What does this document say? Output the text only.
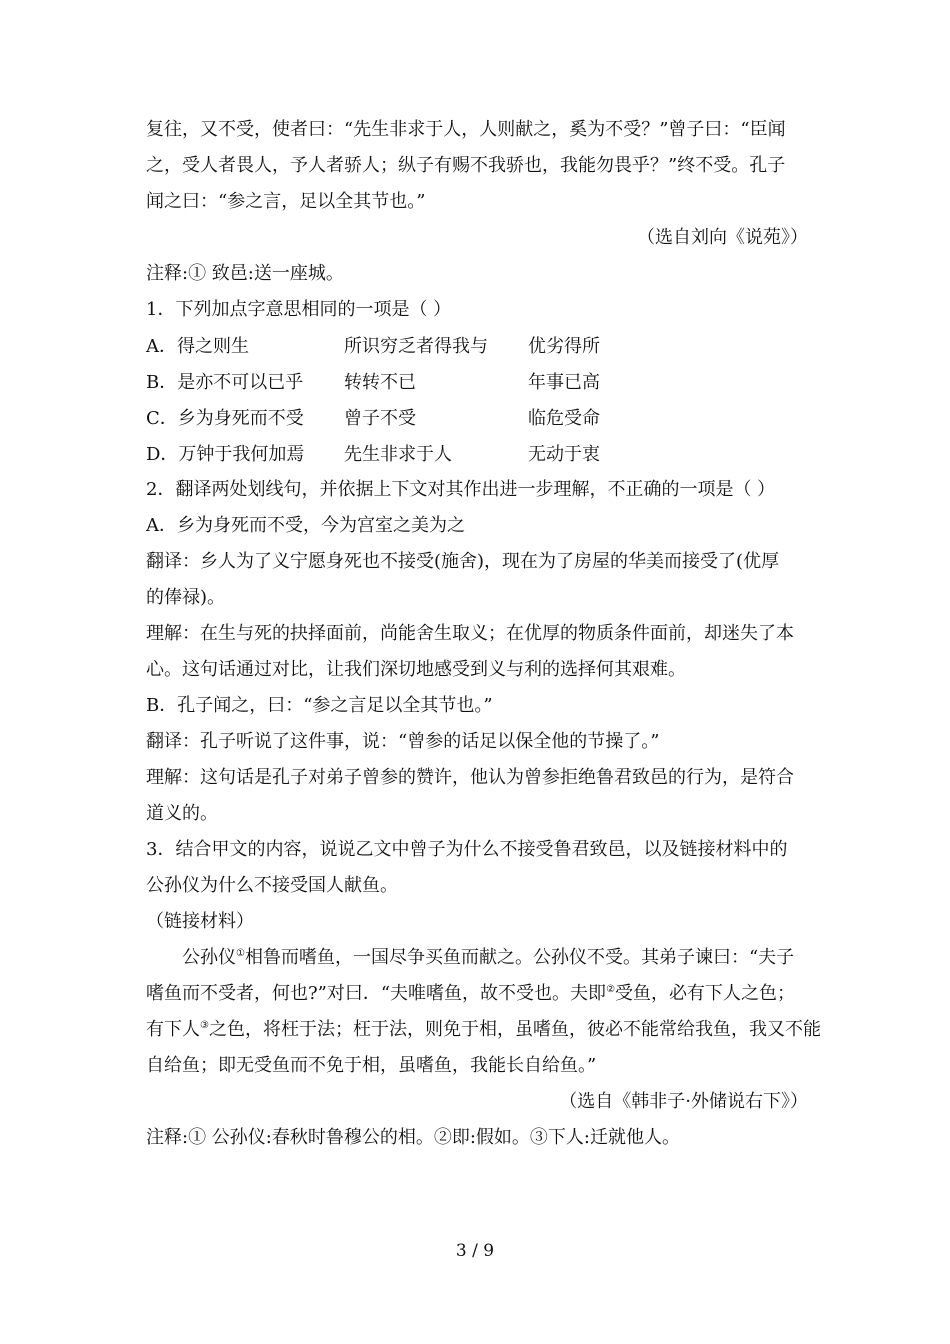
复往，又不受，使者曰：“先生非求于人，人则献之，奚为不受？”曾子曰：“臣闻
之，受人者畏人，予人者骄人；纵子有赐不我骄也，我能勿畏乎？”终不受。孔子
闻之曰：“参之言，足以全其节也。”
（选自刘向《说苑》）
注释:① 致邑:送一座城。
1．下列加点字意思相同的一项是（ ）
A．得之则生	所识穷乏者得我与	优劣得所
B．是亦不可以已乎	转转不已	年事已高
C．乡为身死而不受	曾子不受	临危受命
D．万钟于我何加焉	先生非求于人	无动于衷
2．翻译两处划线句，并依据上下文对其作出进一步理解，不正确的一项是（ ）
A．乡为身死而不受，今为宫室之美为之
翻译：乡人为了义宁愿身死也不接受(施舍)，现在为了房屋的华美而接受了(优厚
的俸禄)。
理解：在生与死的抉择面前，尚能舍生取义；在优厚的物质条件面前，却迷失了本
心。这句话通过对比，让我们深切地感受到义与利的选择何其艰难。
B．孔子闻之，曰：“参之言足以全其节也。”
翻译：孔子听说了这件事，说：“曾参的话足以保全他的节操了。”
理解：这句话是孔子对弟子曾参的赞许，他认为曾参拒绝鲁君致邑的行为，是符合
道义的。
3．结合甲文的内容，说说乙文中曾子为什么不接受鲁君致邑，以及链接材料中的
公孙仪为什么不接受国人献鱼。
（链接材料）
公孙仪①相鲁而嗜鱼，一国尽争买鱼而献之。公孙仪不受。其弟子谏曰：“夫子
嗜鱼而不受者，何也?”对曰．“夫唯嗜鱼，故不受也。夫即②受鱼，必有下人之色；
有下人③之色，将枉于法；枉于法，则免于相，虽嗜鱼，彼必不能常给我鱼，我又不能
自给鱼；即无受鱼而不免于相，虽嗜鱼，我能长自给鱼。”
（选自《韩非子·外储说右下》）
注释:① 公孙仪:春秋时鲁穆公的相。②即:假如。③下人:迁就他人。
3 / 9
